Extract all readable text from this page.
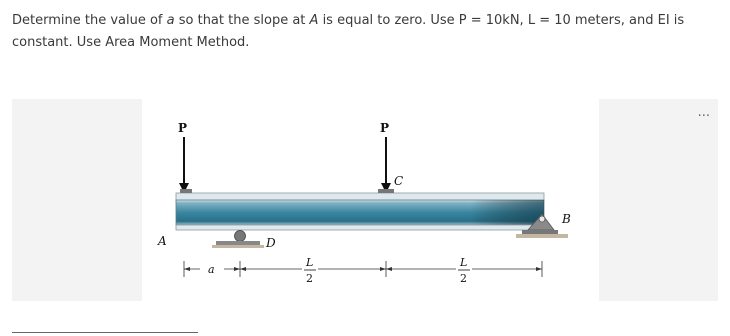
Determine the value of a so that the slope at A is equal to zero. Use P = 10kN, L = 10 meters, and EI is constant. Use Area Moment Method.
P	P
C
A	D
B
a
L
2
L
2
...
